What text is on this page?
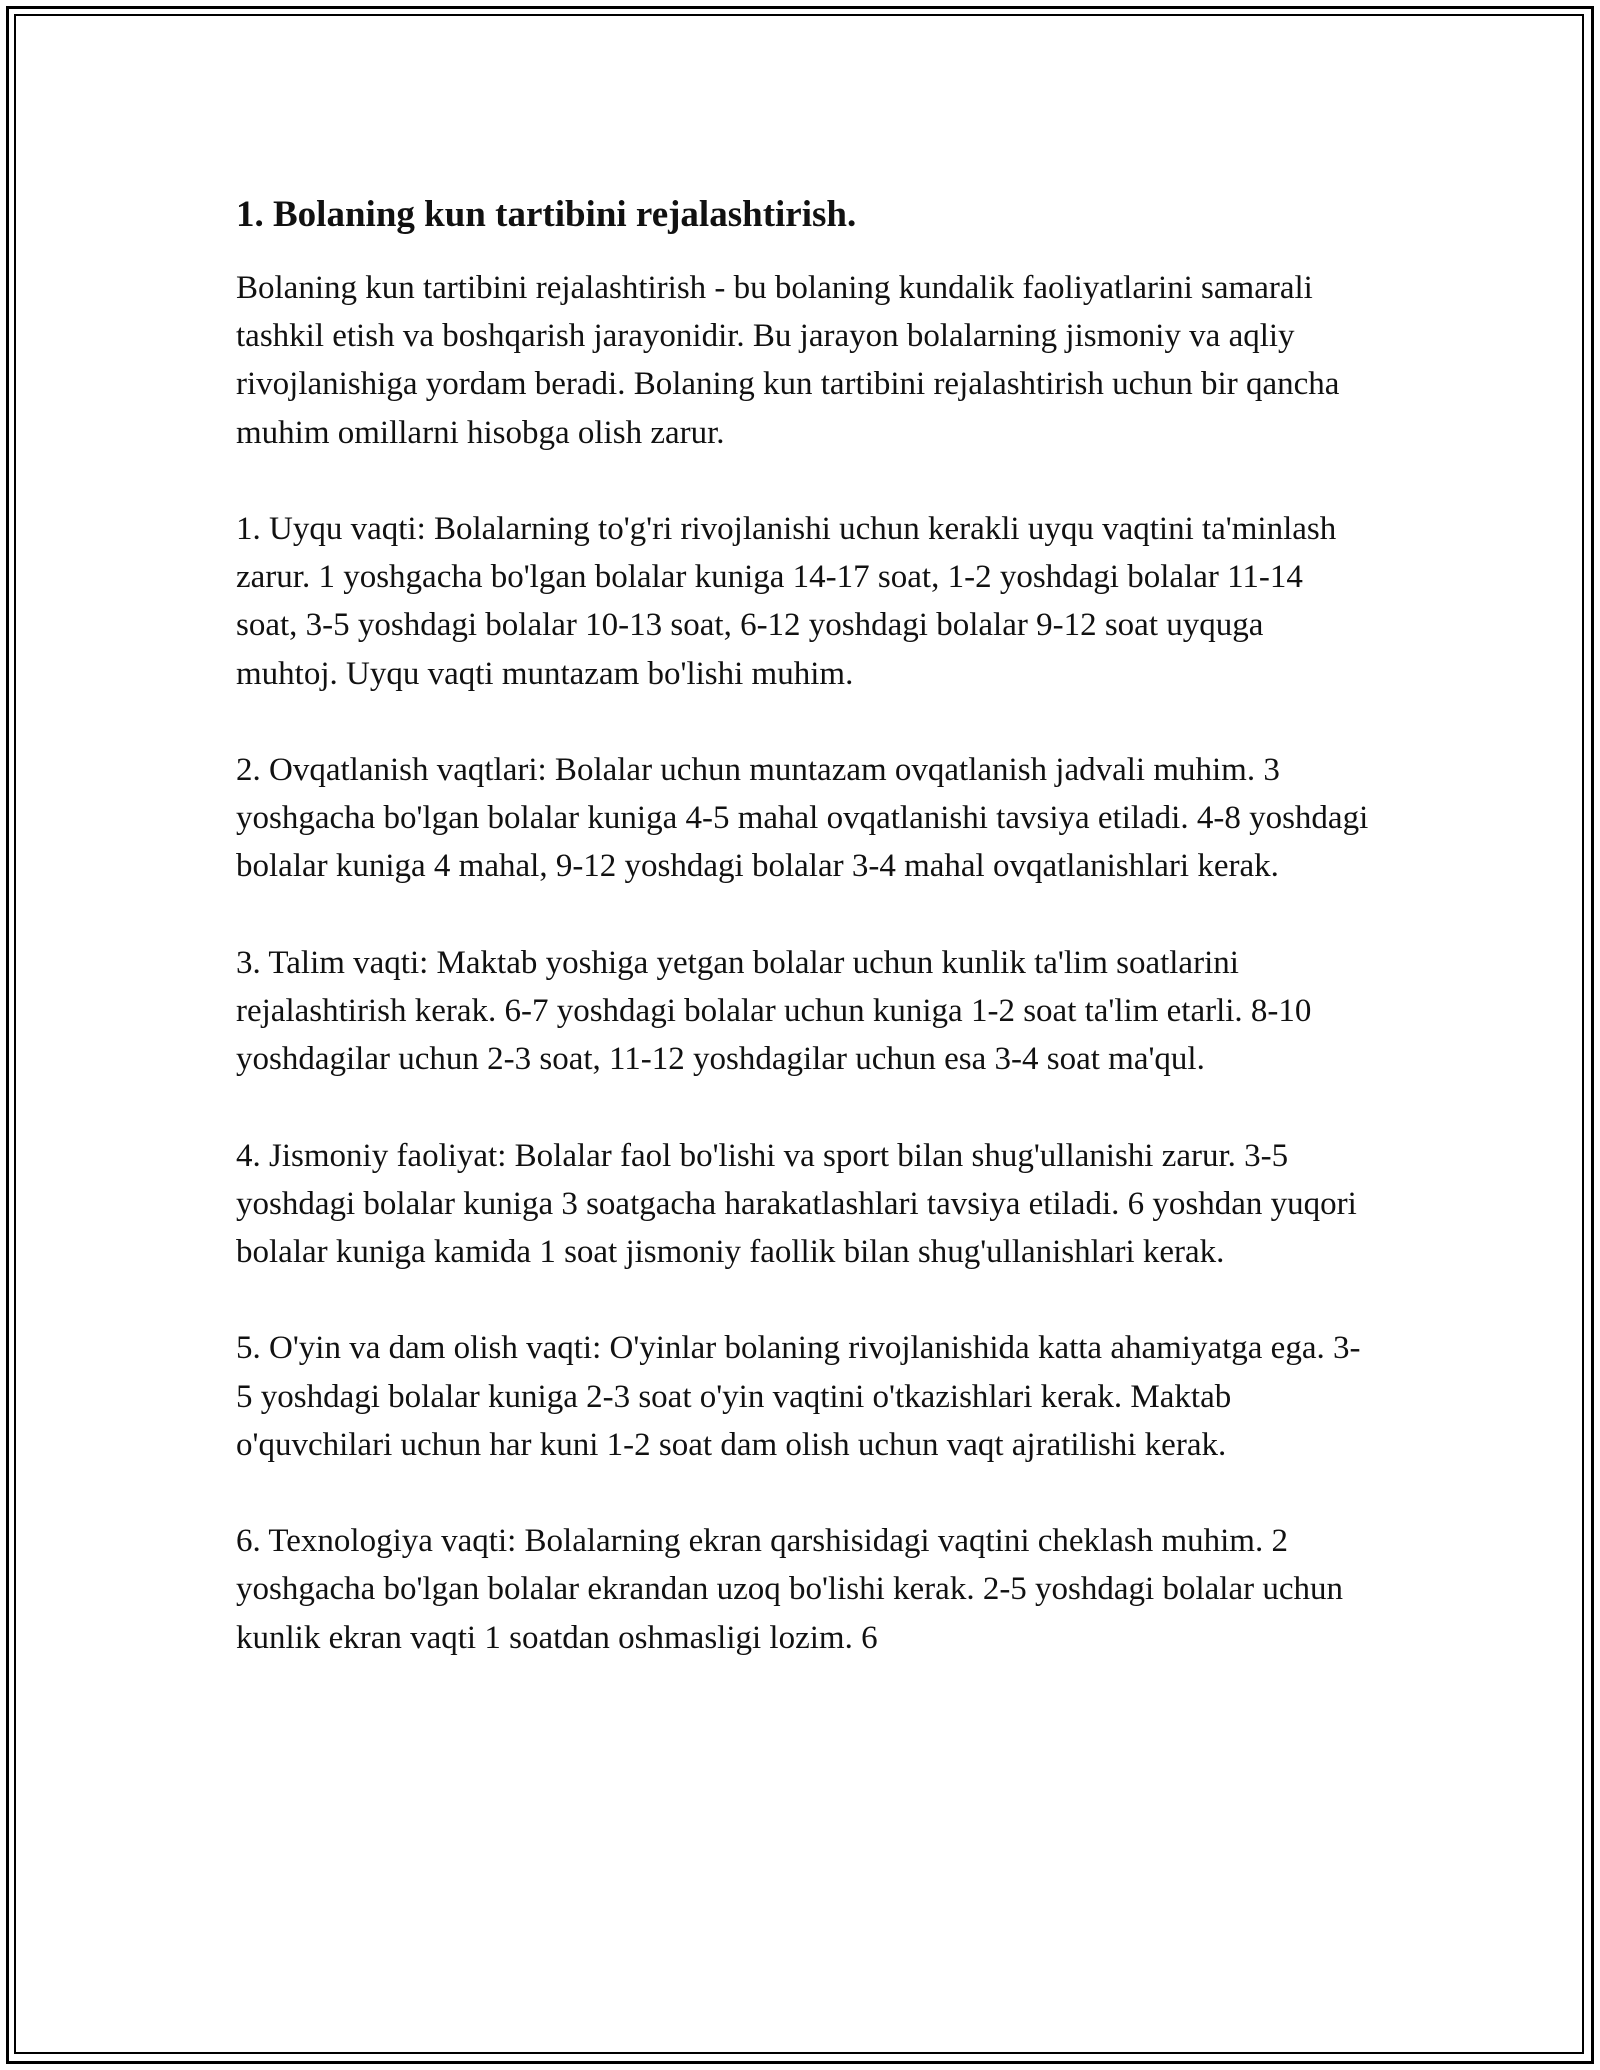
1. Bolaning kun tartibini rejalashtirish.

Bolaning kun tartibini rejalashtirish - bu bolaning kundalik faoliyatlarini samarali tashkil etish va boshqarish jarayonidir. Bu jarayon bolalarning jismoniy va aqliy rivojlanishiga yordam beradi. Bolaning kun tartibini rejalashtirish uchun bir qancha muhim omillarni hisobga olish zarur.

1. Uyqu vaqti: Bolalarning to'g'ri rivojlanishi uchun kerakli uyqu vaqtini ta'minlash zarur. 1 yoshgacha bo'lgan bolalar kuniga 14-17 soat, 1-2 yoshdagi bolalar 11-14 soat, 3-5 yoshdagi bolalar 10-13 soat, 6-12 yoshdagi bolalar 9-12 soat uyquga muhtoj. Uyqu vaqti muntazam bo'lishi muhim.

2. Ovqatlanish vaqtlari: Bolalar uchun muntazam ovqatlanish jadvali muhim. 3 yoshgacha bo'lgan bolalar kuniga 4-5 mahal ovqatlanishi tavsiya etiladi. 4-8 yoshdagi bolalar kuniga 4 mahal, 9-12 yoshdagi bolalar 3-4 mahal ovqatlanishlari kerak.

3. Talim vaqti: Maktab yoshiga yetgan bolalar uchun kunlik ta'lim soatlarini rejalashtirish kerak. 6-7 yoshdagi bolalar uchun kuniga 1-2 soat ta'lim etarli. 8-10 yoshdagilar uchun 2-3 soat, 11-12 yoshdagilar uchun esa 3-4 soat ma'qul.

4. Jismoniy faoliyat: Bolalar faol bo'lishi va sport bilan shug'ullanishi zarur. 3-5 yoshdagi bolalar kuniga 3 soatgacha harakatlashlari tavsiya etiladi. 6 yoshdan yuqori bolalar kuniga kamida 1 soat jismoniy faollik bilan shug'ullanishlari kerak.

5. O'yin va dam olish vaqti: O'yinlar bolaning rivojlanishida katta ahamiyatga ega. 3-5 yoshdagi bolalar kuniga 2-3 soat o'yin vaqtini o'tkazishlari kerak. Maktab o'quvchilari uchun har kuni 1-2 soat dam olish uchun vaqt ajratilishi kerak.

6. Texnologiya vaqti: Bolalarning ekran qarshisidagi vaqtini cheklash muhim. 2 yoshgacha bo'lgan bolalar ekrandan uzoq bo'lishi kerak. 2-5 yoshdagi bolalar uchun kunlik ekran vaqti 1 soatdan oshmasligi lozim. 6
